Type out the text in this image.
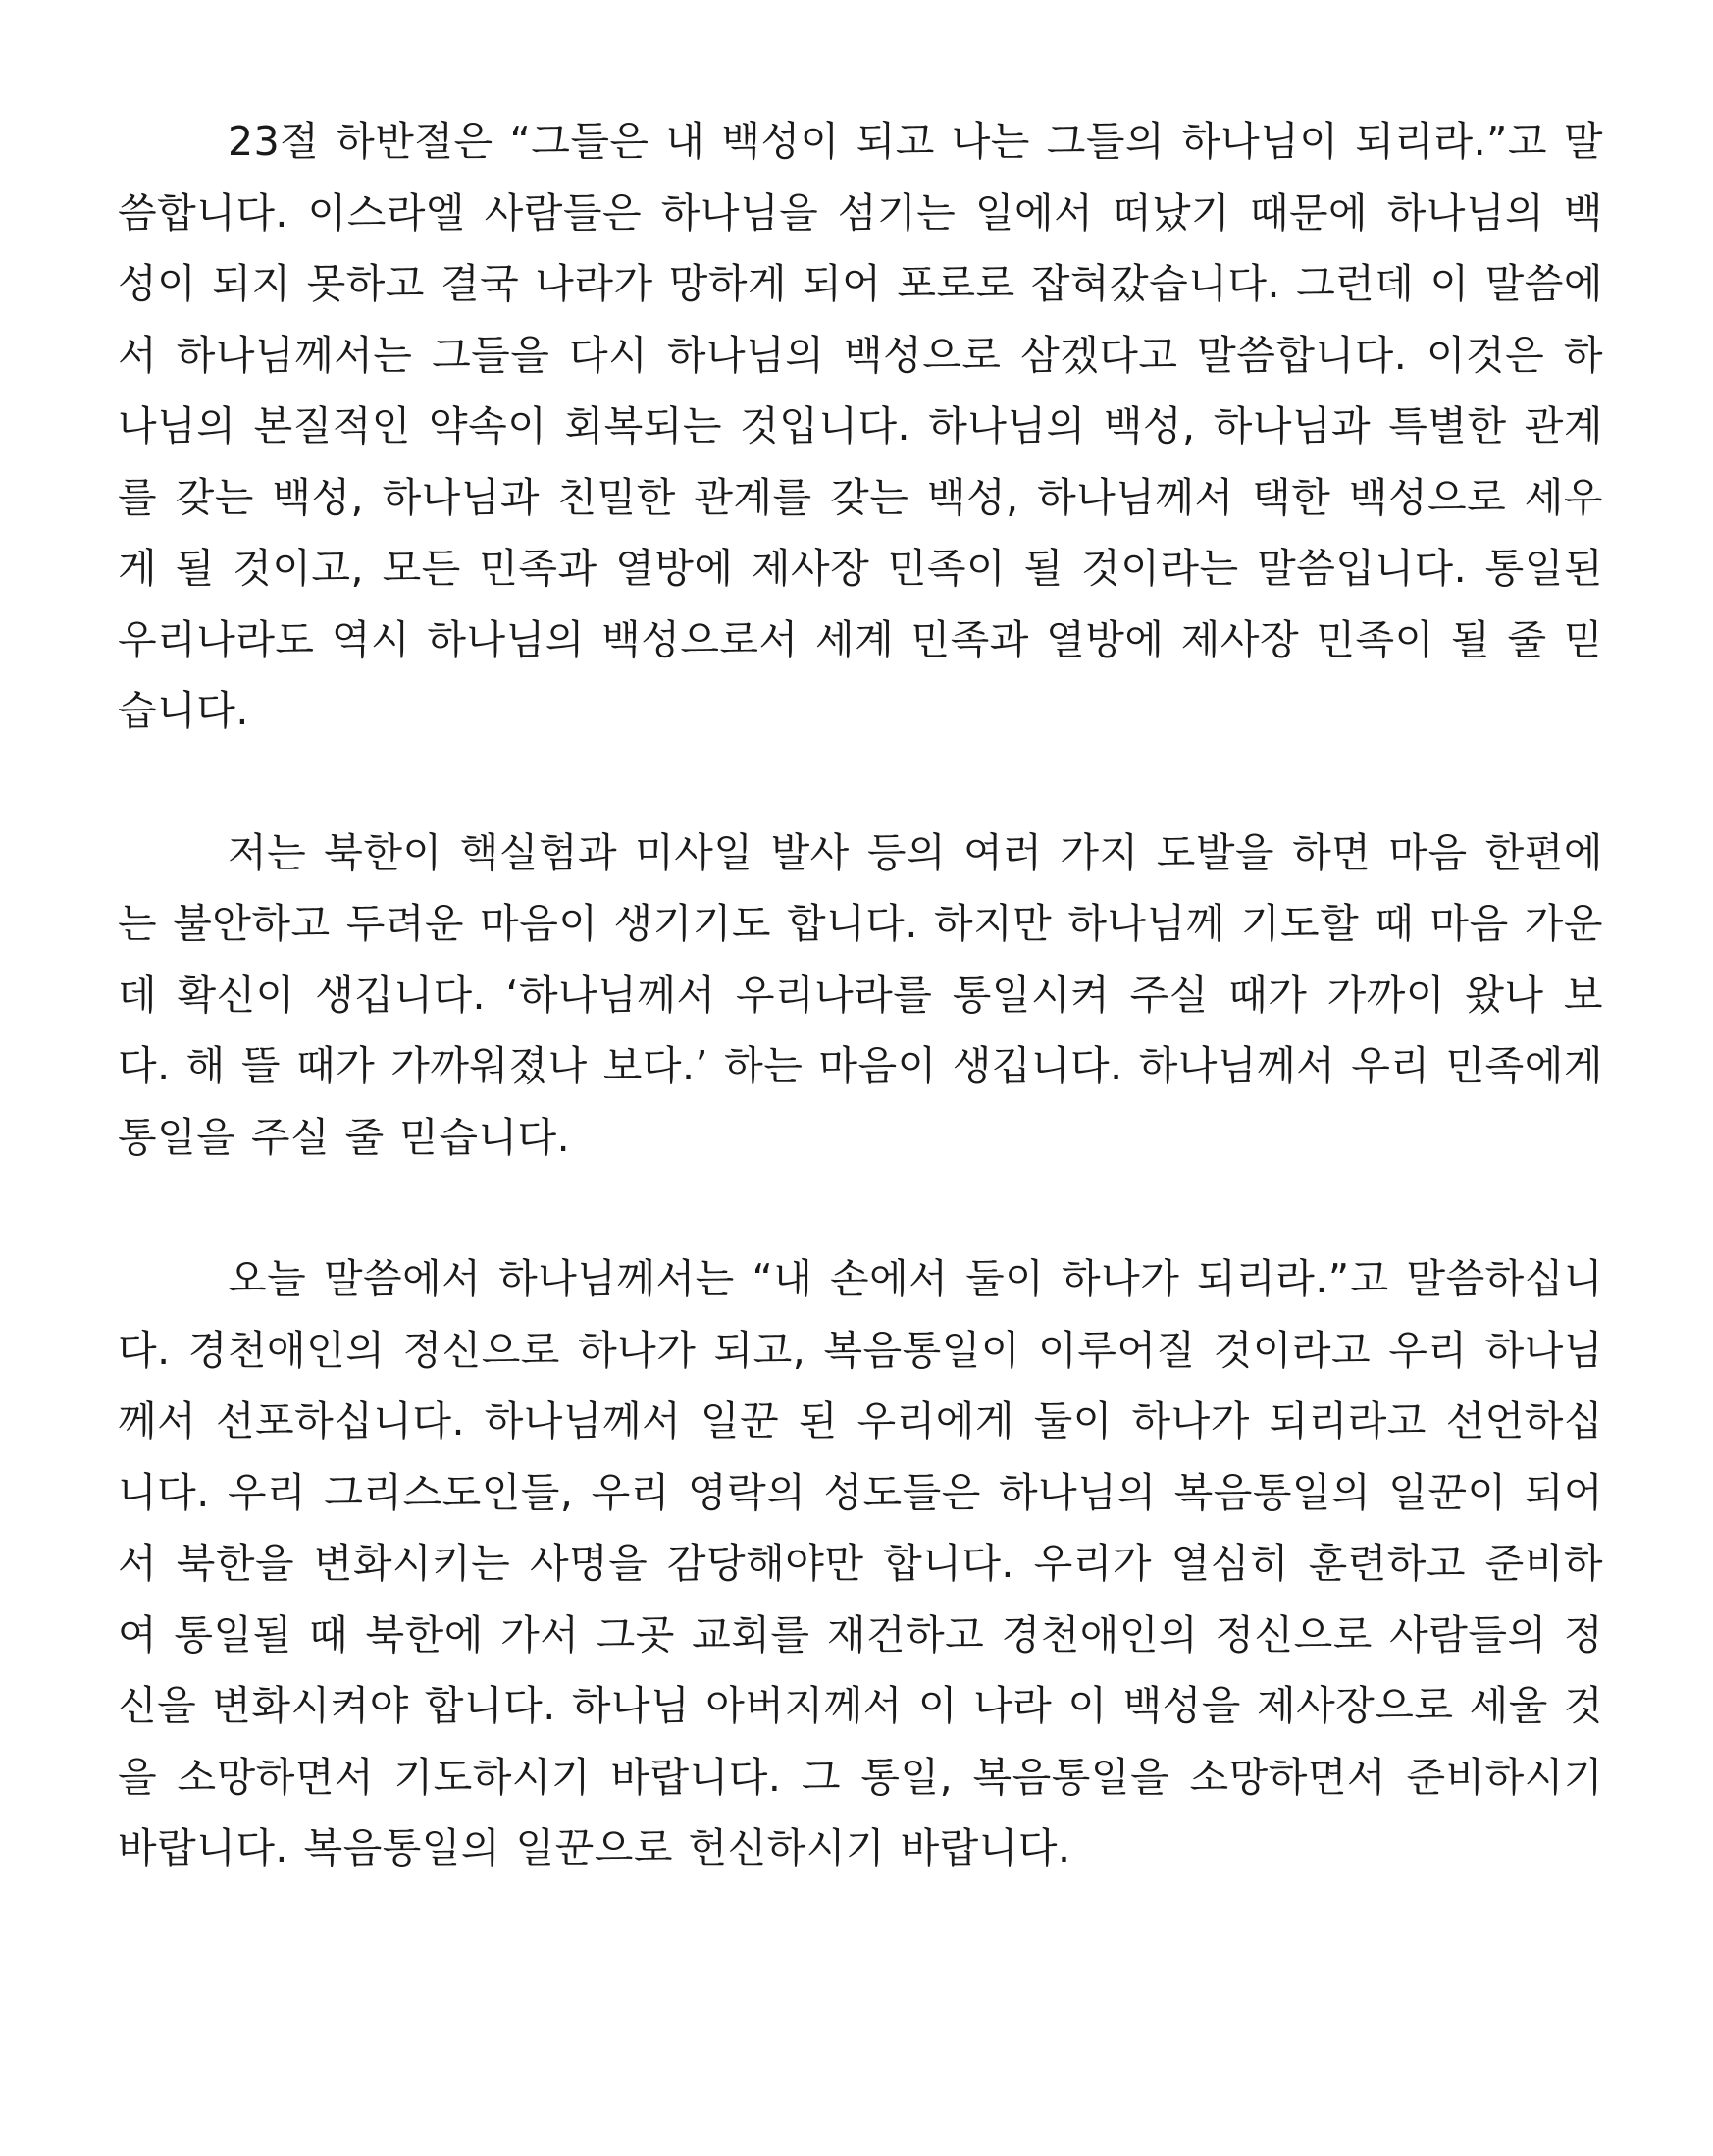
23절 하반절은 “그들은 내 백성이 되고 나는 그들의 하나님이 되리라.”고 말씀합니다. 이스라엘 사람들은 하나님을 섬기는 일에서 떠났기 때문에 하나님의 백성이 되지 못하고 결국 나라가 망하게 되어 포로로 잡혀갔습니다. 그런데 이 말씀에서 하나님께서는 그들을 다시 하나님의 백성으로 삼겠다고 말씀합니다. 이것은 하나님의 본질적인 약속이 회복되는 것입니다. 하나님의 백성, 하나님과 특별한 관계를 갖는 백성, 하나님과 친밀한 관계를 갖는 백성, 하나님께서 택한 백성으로 세우게 될 것이고, 모든 민족과 열방에 제사장 민족이 될 것이라는 말씀입니다. 통일된 우리나라도 역시 하나님의 백성으로서 세계 민족과 열방에 제사장 민족이 될 줄 믿습니다.

저는 북한이 핵실험과 미사일 발사 등의 여러 가지 도발을 하면 마음 한편에는 불안하고 두려운 마음이 생기기도 합니다. 하지만 하나님께 기도할 때 마음 가운데 확신이 생깁니다. ‘하나님께서 우리나라를 통일시켜 주실 때가 가까이 왔나 보다. 해 뜰 때가 가까워졌나 보다.’ 하는 마음이 생깁니다. 하나님께서 우리 민족에게 통일을 주실 줄 믿습니다.

오늘 말씀에서 하나님께서는 “내 손에서 둘이 하나가 되리라.”고 말씀하십니다. 경천애인의 정신으로 하나가 되고, 복음통일이 이루어질 것이라고 우리 하나님께서 선포하십니다. 하나님께서 일꾼 된 우리에게 둘이 하나가 되리라고 선언하십니다. 우리 그리스도인들, 우리 영락의 성도들은 하나님의 복음통일의 일꾼이 되어서 북한을 변화시키는 사명을 감당해야만 합니다. 우리가 열심히 훈련하고 준비하여 통일될 때 북한에 가서 그곳 교회를 재건하고 경천애인의 정신으로 사람들의 정신을 변화시켜야 합니다. 하나님 아버지께서 이 나라 이 백성을 제사장으로 세울 것을 소망하면서 기도하시기 바랍니다. 그 통일, 복음통일을 소망하면서 준비하시기 바랍니다. 복음통일의 일꾼으로 헌신하시기 바랍니다.
